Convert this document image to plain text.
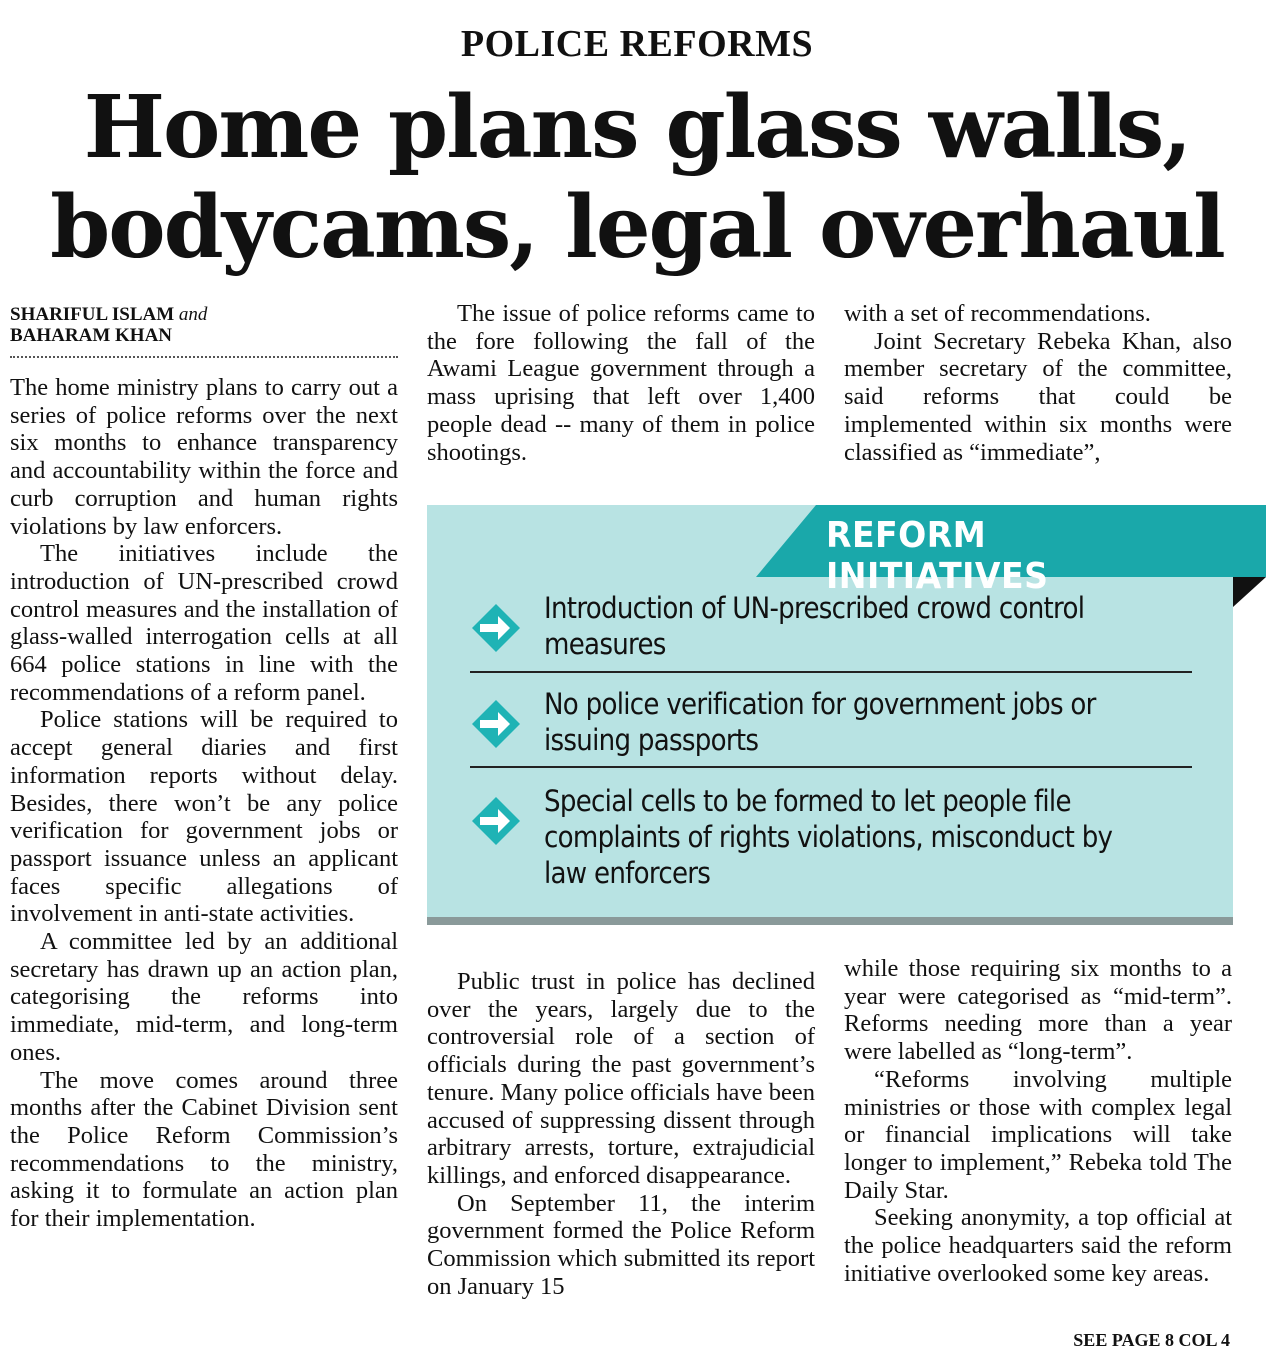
POLICE REFORMS
Home plans glass walls,
bodycams, legal overhaul
SHARIFUL ISLAM and
BAHARAM KHAN

The home ministry plans to carry out a series of police reforms over the next six months to enhance transparency and accountability within the force and curb corruption and human rights violations by law enforcers.

The initiatives include the introduction of UN-prescribed crowd control measures and the installation of glass-walled interrogation cells at all 664 police stations in line with the recommendations of a reform panel.

Police stations will be required to accept general diaries and first information reports without delay. Besides, there won’t be any police verification for government jobs or passport issuance unless an applicant faces specific allegations of involvement in anti-state activities.

A committee led by an additional secretary has drawn up an action plan, categorising the reforms into immediate, mid-term, and long-term ones.

The move comes around three months after the Cabinet Division sent the Police Reform Commission’s recommendations to the ministry, asking it to formulate an action plan for their implementation.

The issue of police reforms came to the fore following the fall of the Awami League government through a mass uprising that left over 1,400 people dead -- many of them in police shootings.

with a set of recommendations.

Joint Secretary Rebeka Khan, also member secretary of the committee, said reforms that could be implemented within six months were classified as “immediate”,

REFORM INITIATIVES
Introduction of UN-prescribed crowd control measures
No police verification for government jobs or issuing passports
Special cells to be formed to let people file complaints of rights violations, misconduct by law enforcers

Public trust in police has declined over the years, largely due to the controversial role of a section of officials during the past government’s tenure. Many police officials have been accused of suppressing dissent through arbitrary arrests, torture, extrajudicial killings, and enforced disappearance.

On September 11, the interim government formed the Police Reform Commission which submitted its report on January 15

while those requiring six months to a year were categorised as “mid-term”. Reforms needing more than a year were labelled as “long-term”.

“Reforms involving multiple ministries or those with complex legal or financial implications will take longer to implement,” Rebeka told The Daily Star.

Seeking anonymity, a top official at the police headquarters said the reform initiative overlooked some key areas.

SEE PAGE 8 COL 4
